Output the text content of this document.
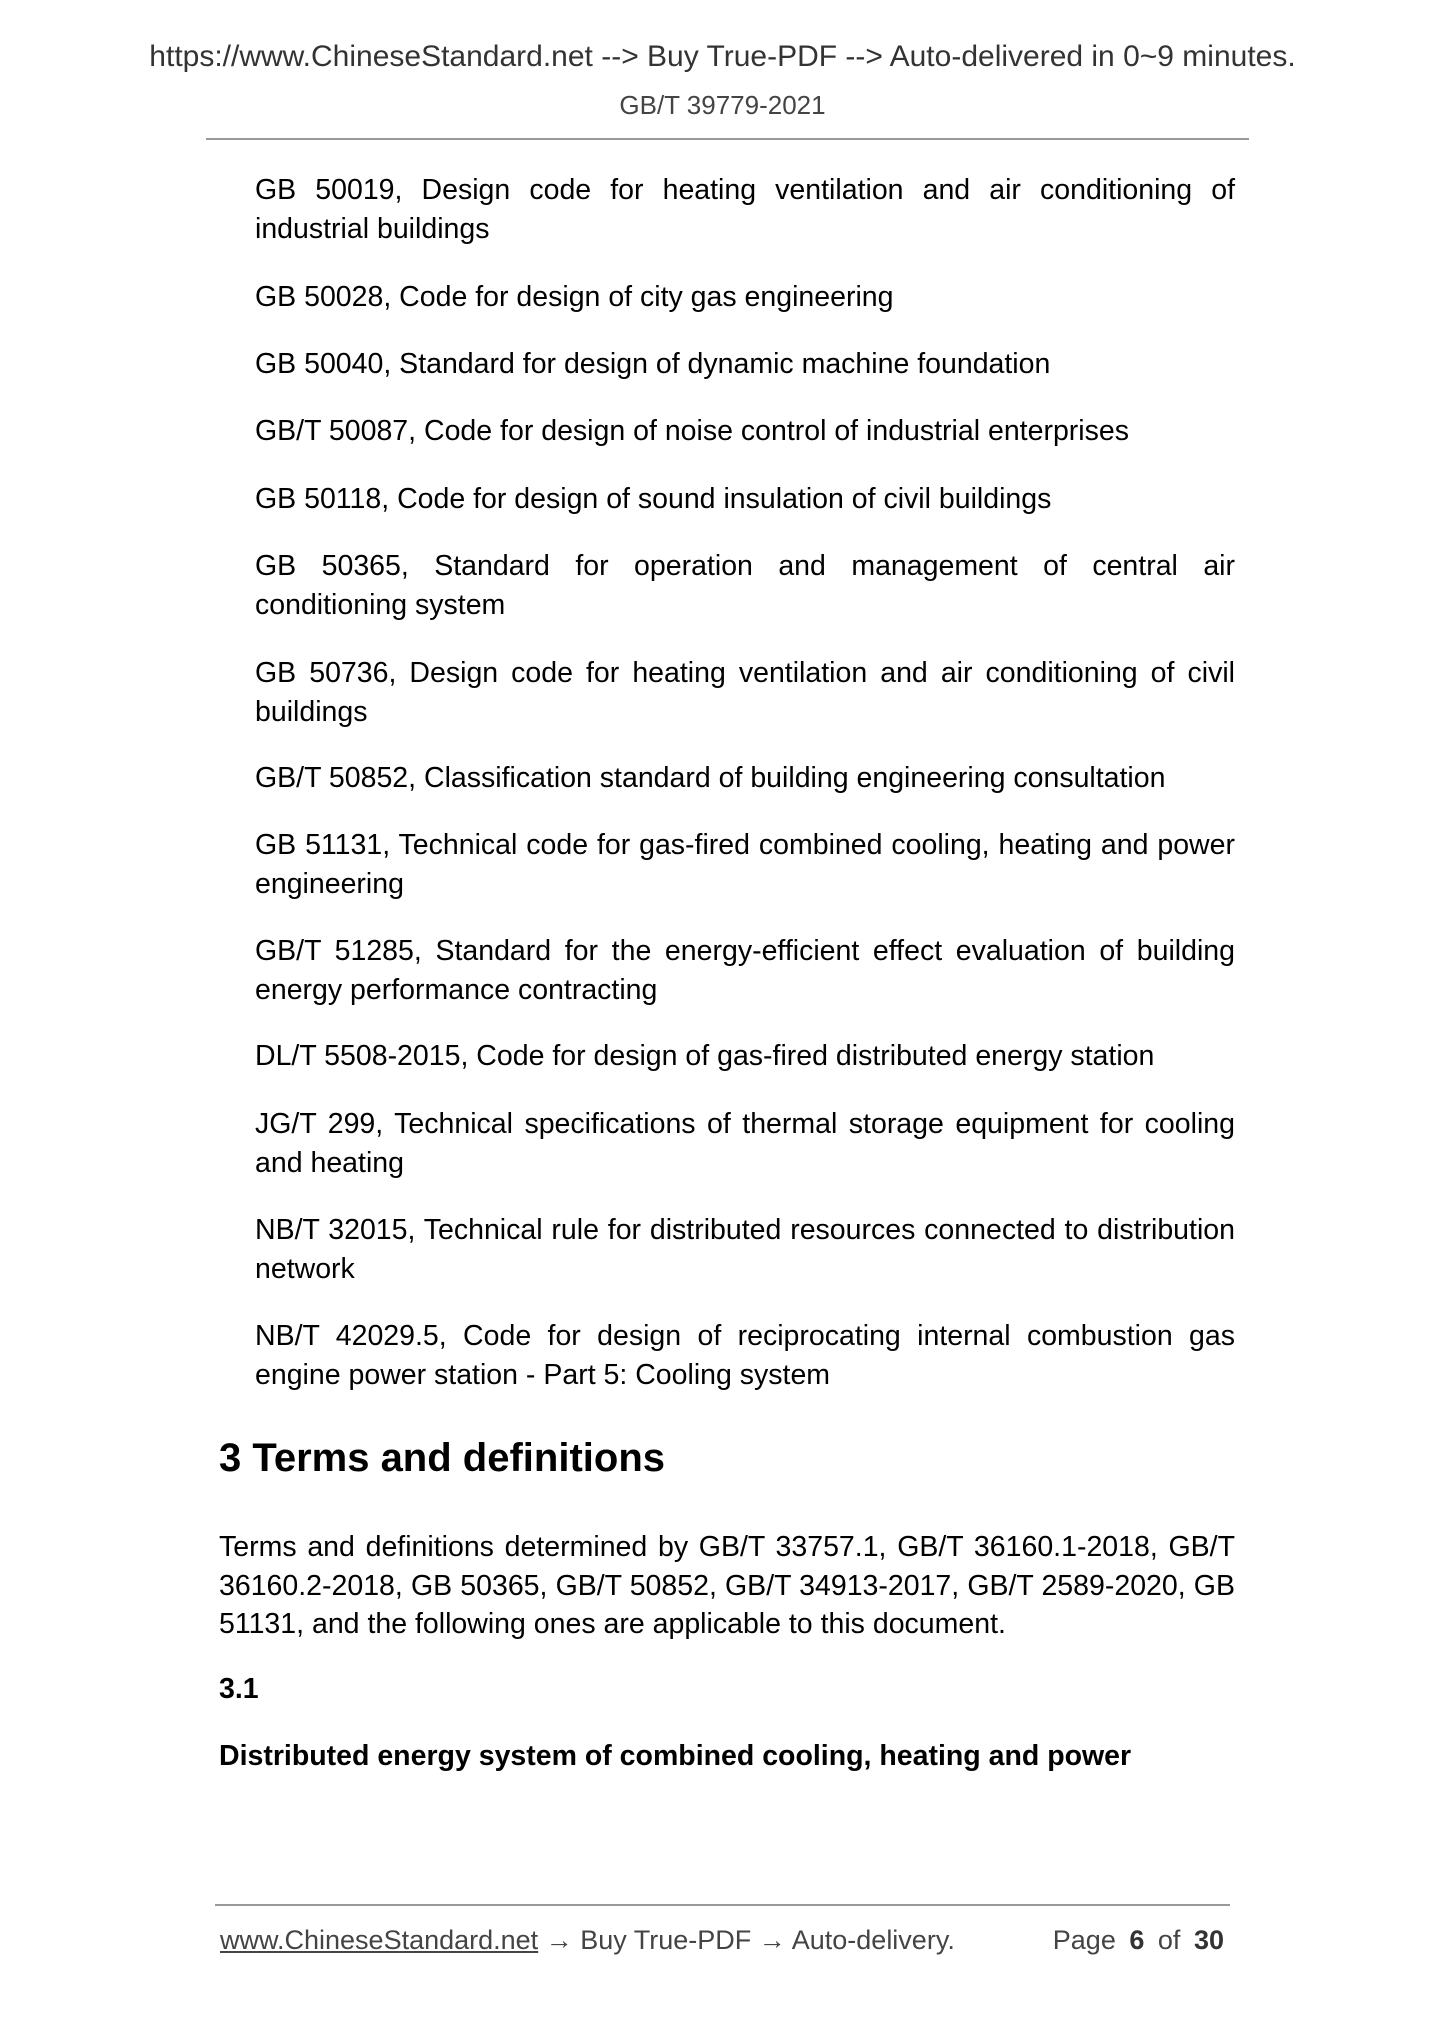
https://www.ChineseStandard.net --> Buy True-PDF --> Auto-delivered in 0~9 minutes.
GB/T 39779-2021
GB 50019, Design code for heating ventilation and air conditioning of industrial buildings
GB 50028, Code for design of city gas engineering
GB 50040, Standard for design of dynamic machine foundation
GB/T 50087, Code for design of noise control of industrial enterprises
GB 50118, Code for design of sound insulation of civil buildings
GB 50365, Standard for operation and management of central air conditioning system
GB 50736, Design code for heating ventilation and air conditioning of civil buildings
GB/T 50852, Classification standard of building engineering consultation
GB 51131, Technical code for gas-fired combined cooling, heating and power engineering
GB/T 51285, Standard for the energy-efficient effect evaluation of building energy performance contracting
DL/T 5508-2015, Code for design of gas-fired distributed energy station
JG/T 299, Technical specifications of thermal storage equipment for cooling and heating
NB/T 32015, Technical rule for distributed resources connected to distribution network
NB/T 42029.5, Code for design of reciprocating internal combustion gas engine power station - Part 5: Cooling system
3 Terms and definitions
Terms and definitions determined by GB/T 33757.1, GB/T 36160.1-2018, GB/T 36160.2-2018, GB 50365, GB/T 50852, GB/T 34913-2017, GB/T 2589-2020, GB 51131, and the following ones are applicable to this document.
3.1
Distributed energy system of combined cooling, heating and power
www.ChineseStandard.net → Buy True-PDF → Auto-delivery.	Page 6 of 30
